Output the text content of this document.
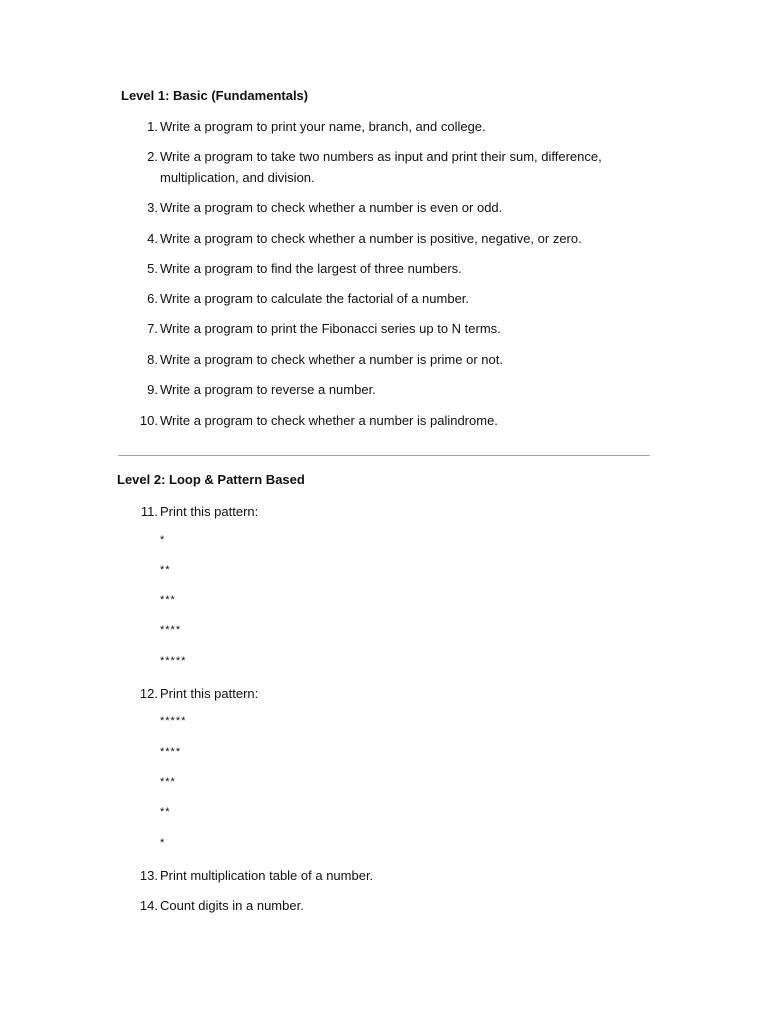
Level 1: Basic (Fundamentals)
1. Write a program to print your name, branch, and college.
2. Write a program to take two numbers as input and print their sum, difference, multiplication, and division.
3. Write a program to check whether a number is even or odd.
4. Write a program to check whether a number is positive, negative, or zero.
5. Write a program to find the largest of three numbers.
6. Write a program to calculate the factorial of a number.
7. Write a program to print the Fibonacci series up to N terms.
8. Write a program to check whether a number is prime or not.
9. Write a program to reverse a number.
10. Write a program to check whether a number is palindrome.
Level 2: Loop & Pattern Based
11. Print this pattern:
*
**
***
****
*****
12. Print this pattern:
*****
****
***
**
*
13. Print multiplication table of a number.
14. Count digits in a number.
